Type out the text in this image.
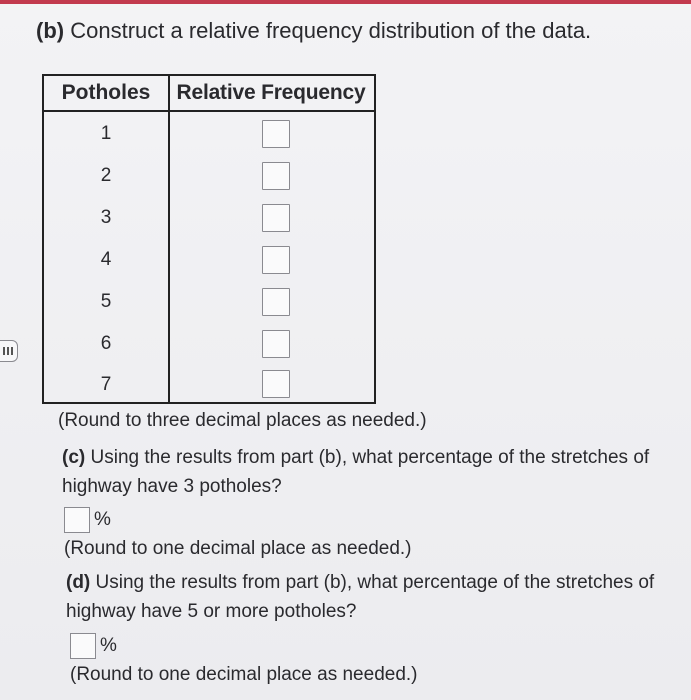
(b) Construct a relative frequency distribution of the data.
Potholes	Relative Frequency
1
2
3
4
5
6
7
(Round to three decimal places as needed.)
(c) Using the results from part (b), what percentage of the stretches of highway have 3 potholes?
%
(Round to one decimal place as needed.)
(d) Using the results from part (b), what percentage of the stretches of highway have 5 or more potholes?
%
(Round to one decimal place as needed.)
